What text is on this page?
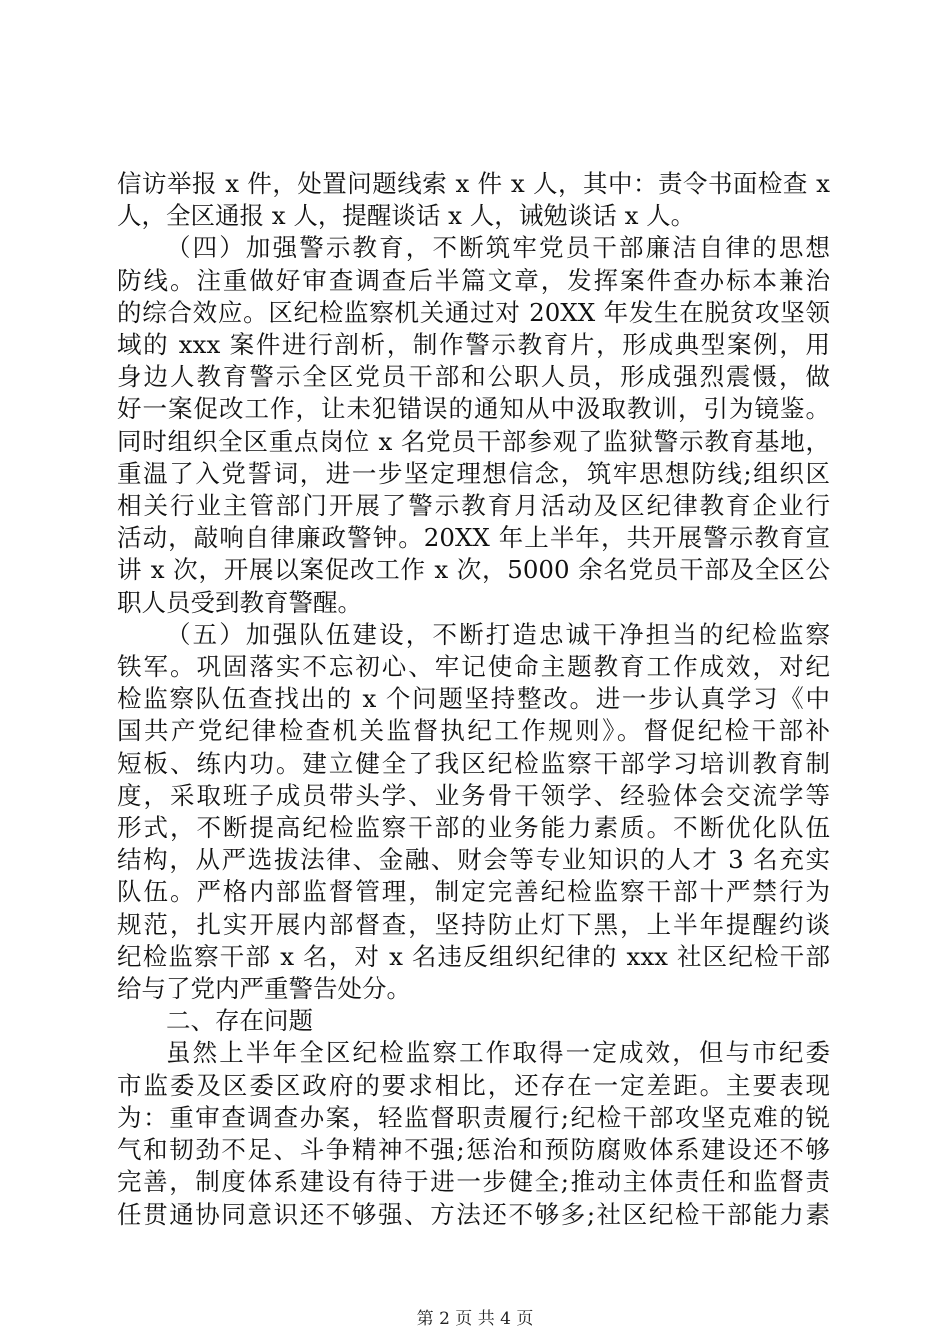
信访举报 x 件，处置问题线索 x 件 x 人，其中：责令书面检查 x
人，全区通报 x 人，提醒谈话 x 人，诫勉谈话 x 人。
（四）加强警示教育，不断筑牢党员干部廉洁自律的思想
防线。注重做好审查调查后半篇文章，发挥案件查办标本兼治
的综合效应。区纪检监察机关通过对 20XX 年发生在脱贫攻坚领
域的 xxx 案件进行剖析，制作警示教育片，形成典型案例，用
身边人教育警示全区党员干部和公职人员，形成强烈震慑，做
好一案促改工作，让未犯错误的通知从中汲取教训，引为镜鉴。
同时组织全区重点岗位 x 名党员干部参观了监狱警示教育基地，
重温了入党誓词，进一步坚定理想信念，筑牢思想防线;组织区
相关行业主管部门开展了警示教育月活动及区纪律教育企业行
活动，敲响自律廉政警钟。20XX 年上半年，共开展警示教育宣
讲 x 次，开展以案促改工作 x 次，5000 余名党员干部及全区公
职人员受到教育警醒。
（五）加强队伍建设，不断打造忠诚干净担当的纪检监察
铁军。巩固落实不忘初心、牢记使命主题教育工作成效，对纪
检监察队伍查找出的 x 个问题坚持整改。进一步认真学习《中
国共产党纪律检查机关监督执纪工作规则》。督促纪检干部补
短板、练内功。建立健全了我区纪检监察干部学习培训教育制
度，采取班子成员带头学、业务骨干领学、经验体会交流学等
形式，不断提高纪检监察干部的业务能力素质。不断优化队伍
结构，从严选拔法律、金融、财会等专业知识的人才 3 名充实
队伍。严格内部监督管理，制定完善纪检监察干部十严禁行为
规范，扎实开展内部督查，坚持防止灯下黑，上半年提醒约谈
纪检监察干部 x 名，对 x 名违反组织纪律的 xxx 社区纪检干部
给与了党内严重警告处分。
二、存在问题
虽然上半年全区纪检监察工作取得一定成效，但与市纪委
市监委及区委区政府的要求相比，还存在一定差距。主要表现
为：重审查调查办案，轻监督职责履行;纪检干部攻坚克难的锐
气和韧劲不足、斗争精神不强;惩治和预防腐败体系建设还不够
完善，制度体系建设有待于进一步健全;推动主体责任和监督责
任贯通协同意识还不够强、方法还不够多;社区纪检干部能力素
第 2 页 共 4 页
